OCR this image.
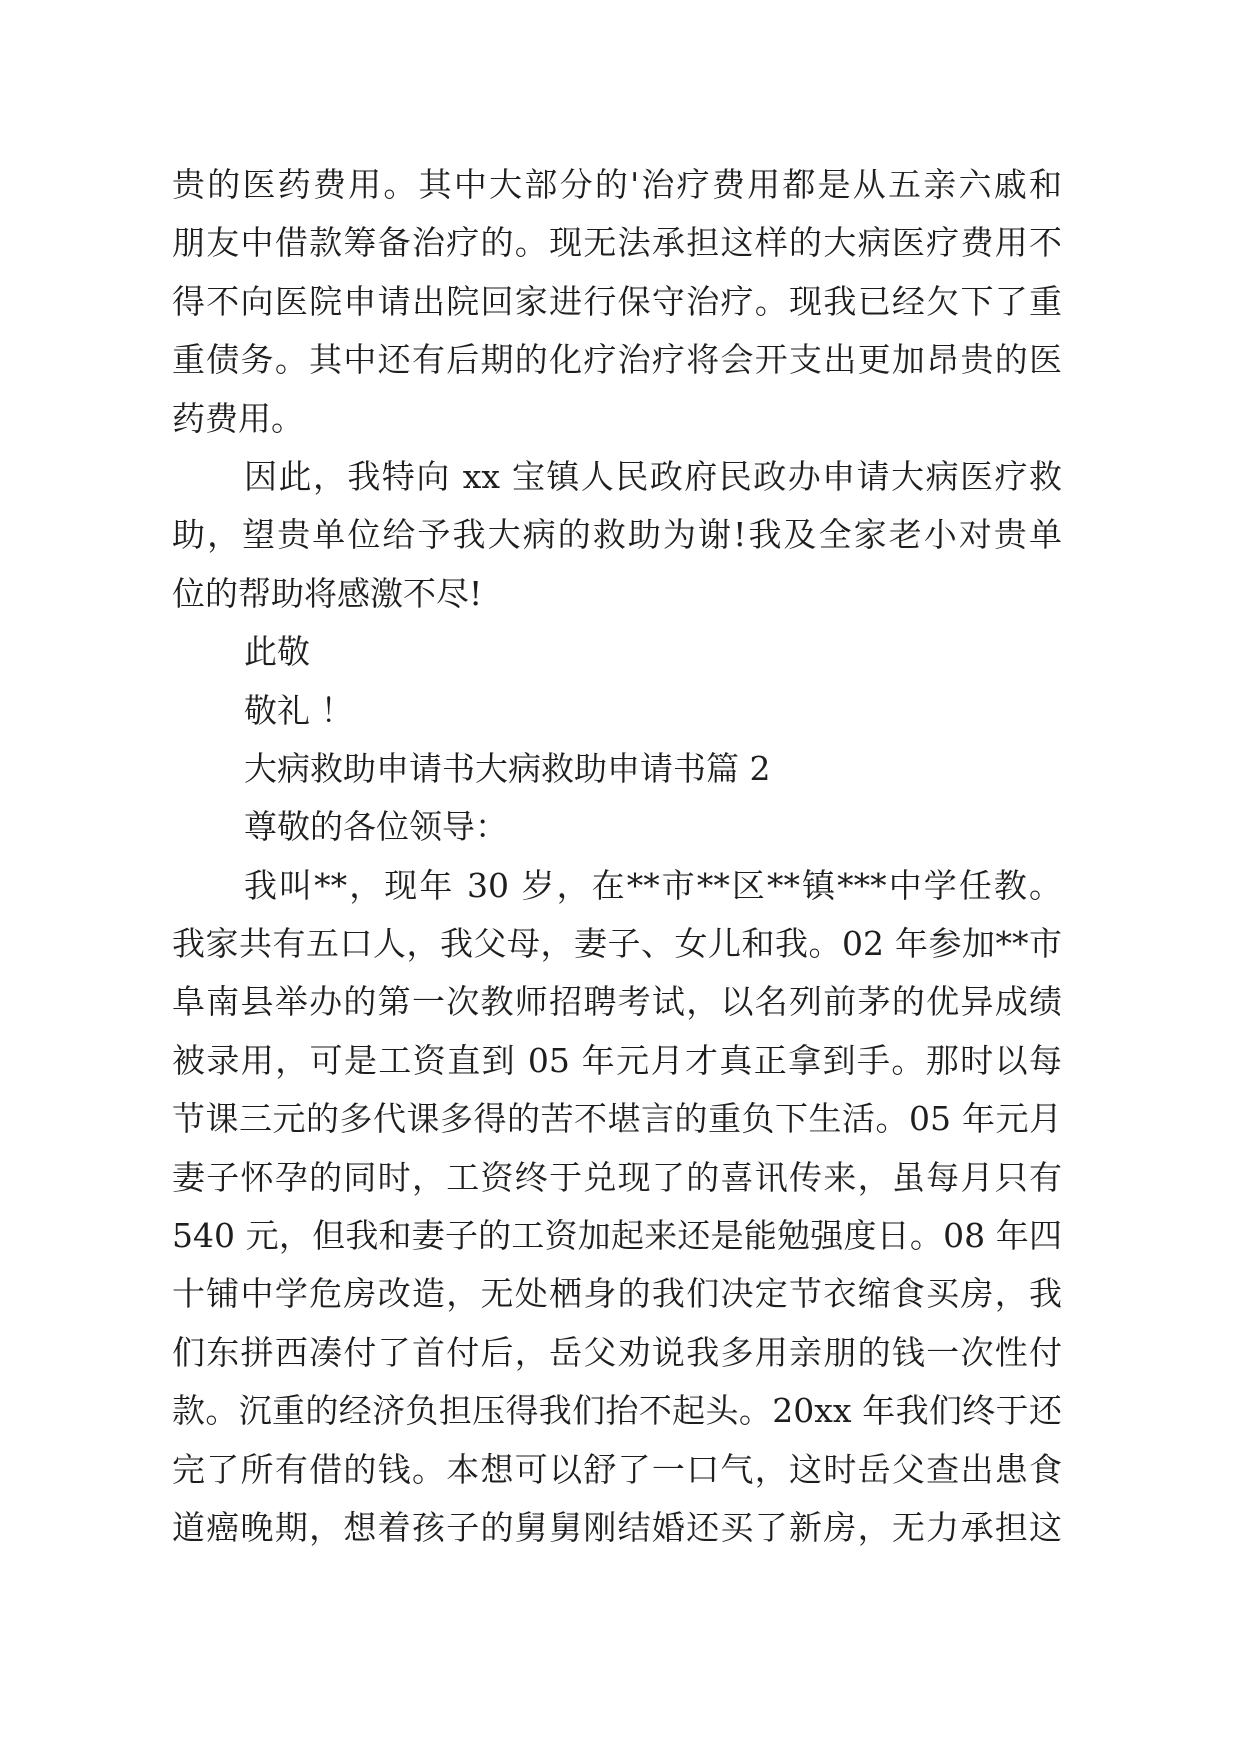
贵的医药费用。其中大部分的'治疗费用都是从五亲六戚和
朋友中借款筹备治疗的。现无法承担这样的大病医疗费用不
得不向医院申请出院回家进行保守治疗。现我已经欠下了重
重债务。其中还有后期的化疗治疗将会开支出更加昂贵的医
药费用。
因此，我特向 xx 宝镇人民政府民政办申请大病医疗救
助，望贵单位给予我大病的救助为谢!我及全家老小对贵单
位的帮助将感激不尽!
此敬
敬礼 ！
大病救助申请书大病救助申请书篇 2
尊敬的各位领导：
我叫**，现年 30 岁，在**市**区**镇***中学任教。
我家共有五口人，我父母，妻子、女儿和我。02 年参加**市
阜南县举办的第一次教师招聘考试，以名列前茅的优异成绩
被录用，可是工资直到 05 年元月才真正拿到手。那时以每
节课三元的多代课多得的苦不堪言的重负下生活。05 年元月
妻子怀孕的同时，工资终于兑现了的喜讯传来，虽每月只有
540 元，但我和妻子的工资加起来还是能勉强度日。08 年四
十铺中学危房改造，无处栖身的我们决定节衣缩食买房，我
们东拼西凑付了首付后，岳父劝说我多用亲朋的钱一次性付
款。沉重的经济负担压得我们抬不起头。20xx 年我们终于还
完了所有借的钱。本想可以舒了一口气，这时岳父查出患食
道癌晚期，想着孩子的舅舅刚结婚还买了新房，无力承担这
